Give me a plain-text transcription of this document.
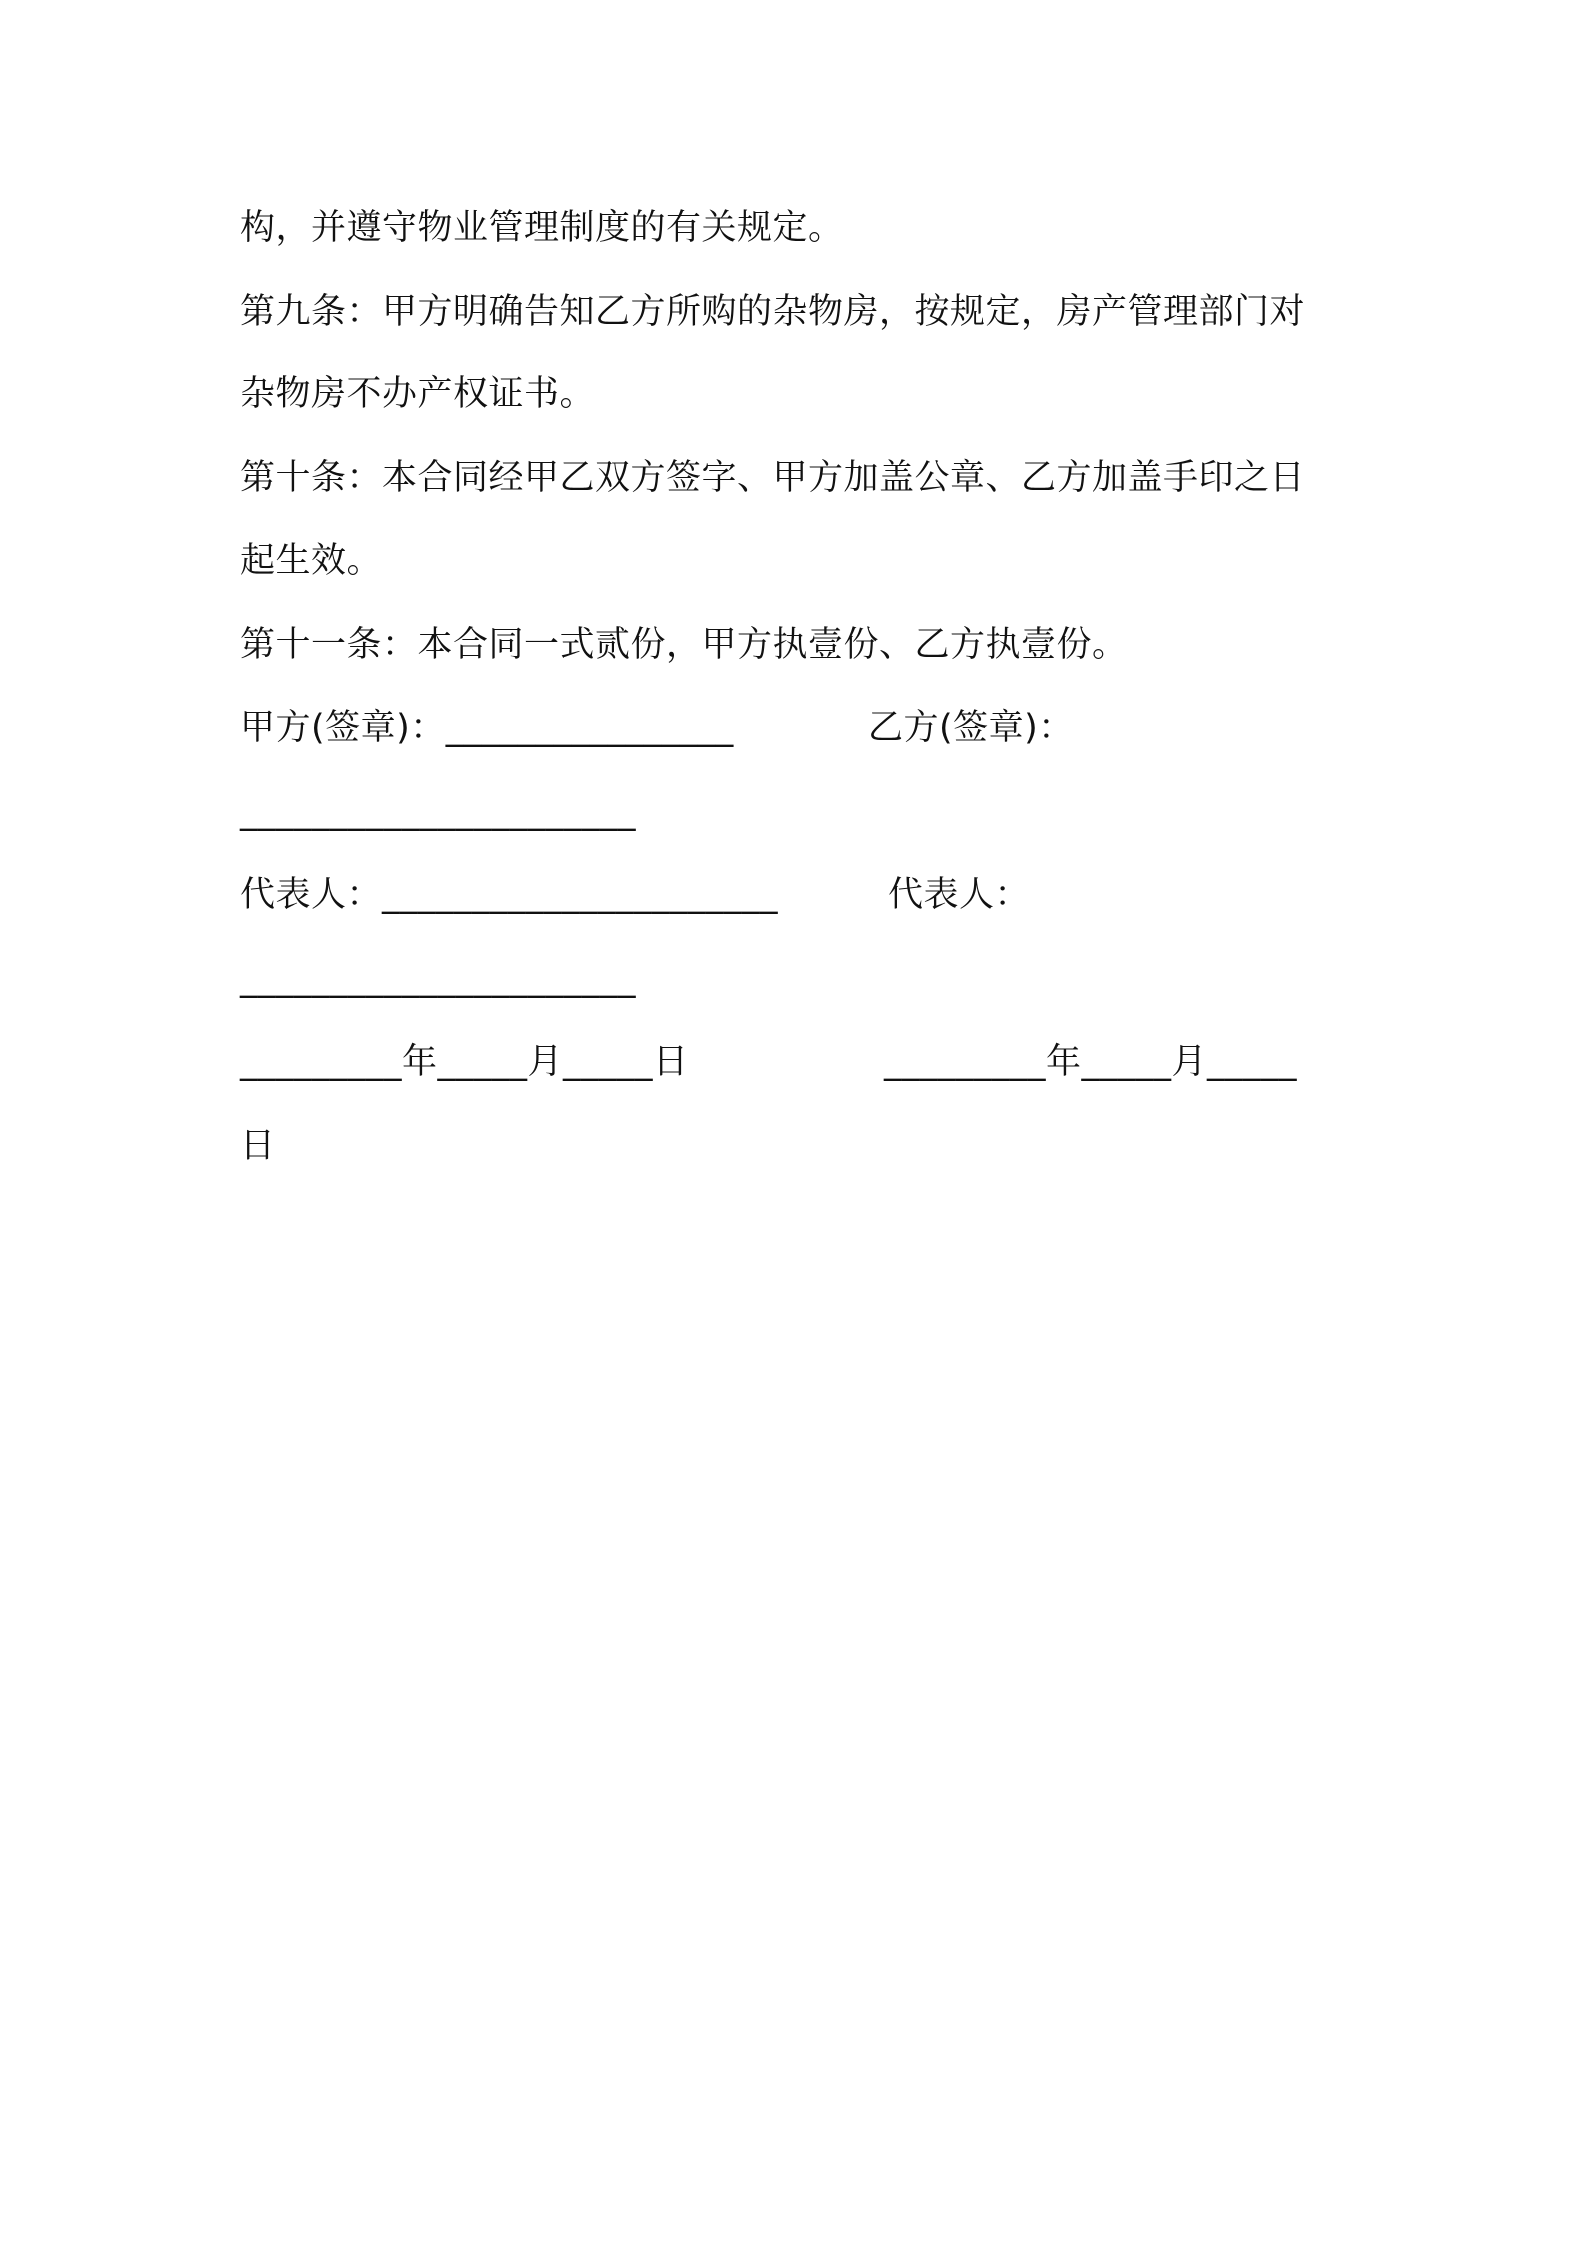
构，并遵守物业管理制度的有关规定。
第九条：甲方明确告知乙方所购的杂物房，按规定，房产管理部门对
杂物房不办产权证书。
第十条：本合同经甲乙双方签字、甲方加盖公章、乙方加盖手印之日
起生效。
第十一条：本合同一式贰份，甲方执壹份、乙方执壹份。
甲方(签章)：________________	乙方(签章)：
______________________
代表人：______________________	代表人：
______________________
_________年_____月_____日	_________年_____月_____
日
